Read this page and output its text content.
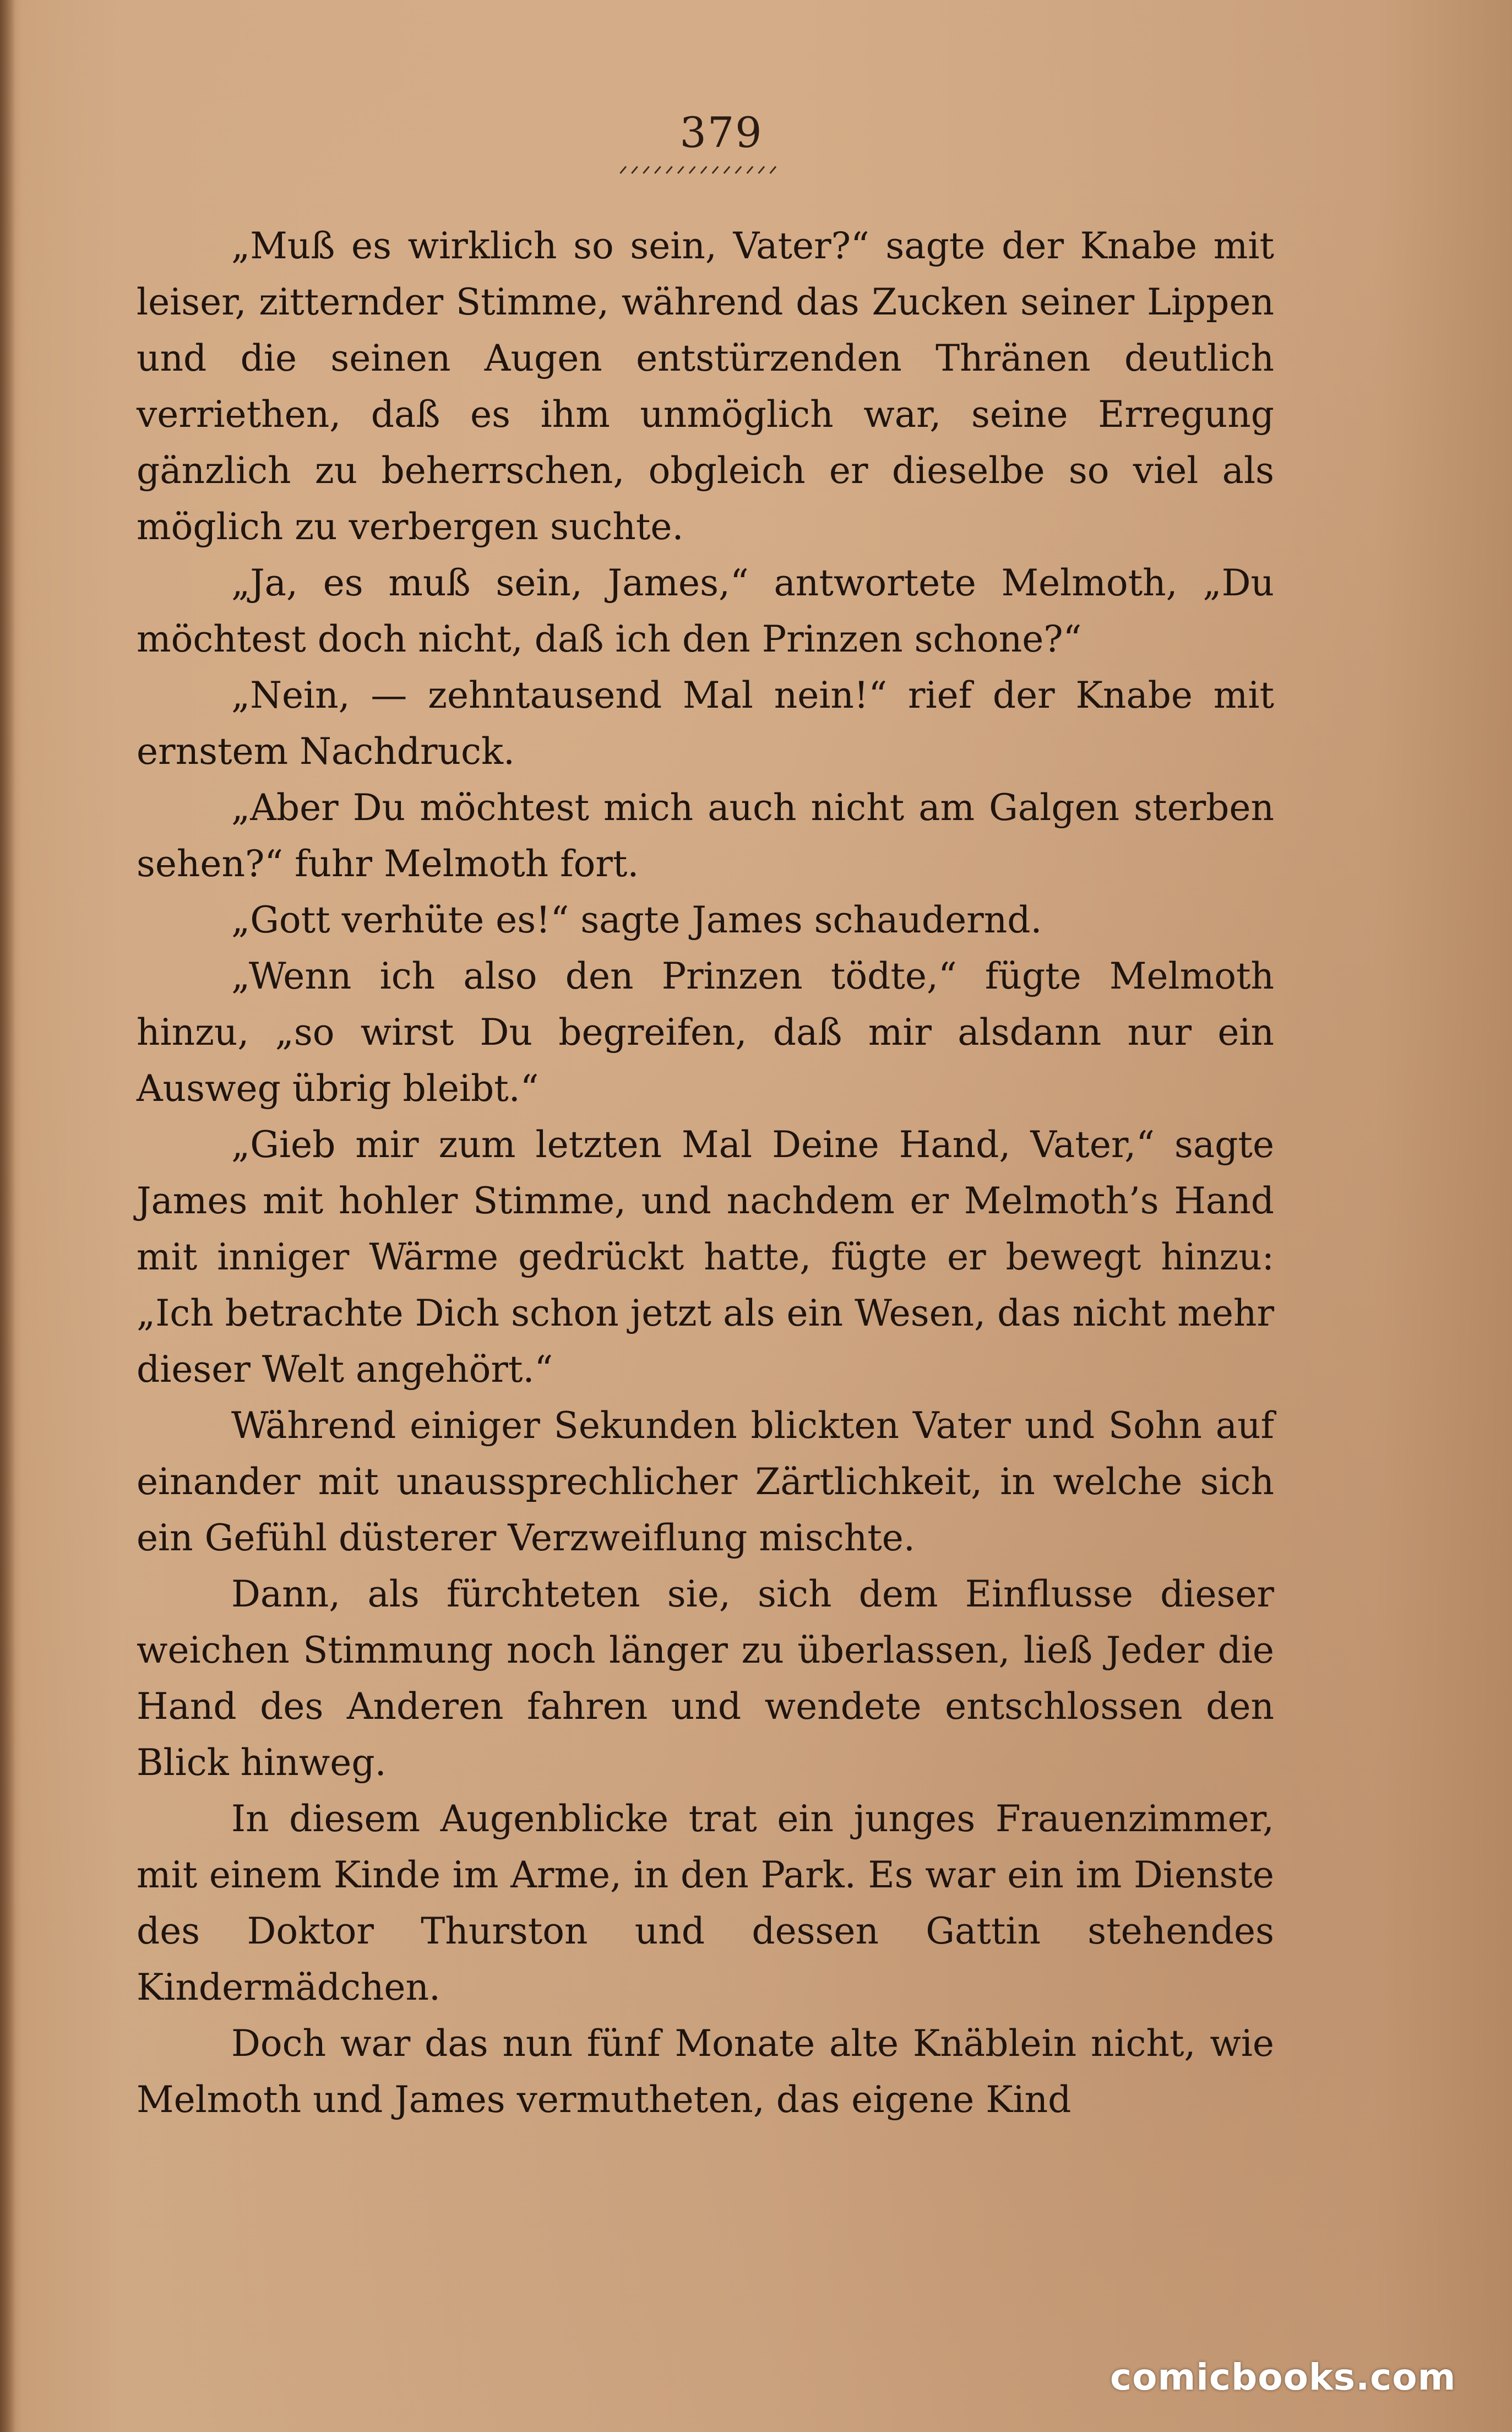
379
ᐟᐟᐟᐟᐟᐟᐟᐟᐟᐟᐟᐟᐟᐟ

„Muß es wirklich so sein, Vater?“ sagte der Knabe mit leiser, zitternder Stimme, während das Zucken seiner Lippen und die seinen Augen entstürzenden Thränen deutlich verriethen, daß es ihm unmöglich war, seine Erregung gänzlich zu beherrschen, obgleich er dieselbe so viel als möglich zu verbergen suchte.

„Ja, es muß sein, James,“ antwortete Melmoth, „Du möchtest doch nicht, daß ich den Prinzen schone?“

„Nein, — zehntausend Mal nein!“ rief der Knabe mit ernstem Nachdruck.

„Aber Du möchtest mich auch nicht am Galgen sterben sehen?“ fuhr Melmoth fort.

„Gott verhüte es!“ sagte James schaudernd.

„Wenn ich also den Prinzen tödte,“ fügte Melmoth hinzu, „so wirst Du begreifen, daß mir alsdann nur ein Ausweg übrig bleibt.“

„Gieb mir zum letzten Mal Deine Hand, Vater,“ sagte James mit hohler Stimme, und nachdem er Melmoth’s Hand mit inniger Wärme gedrückt hatte, fügte er bewegt hinzu: „Ich betrachte Dich schon jetzt als ein Wesen, das nicht mehr dieser Welt angehört.“

Während einiger Sekunden blickten Vater und Sohn auf einander mit unaussprechlicher Zärtlichkeit, in welche sich ein Gefühl düsterer Verzweiflung mischte.

Dann, als fürchteten sie, sich dem Einflusse dieser weichen Stimmung noch länger zu überlassen, ließ Jeder die Hand des Anderen fahren und wendete entschlossen den Blick hinweg.

In diesem Augenblicke trat ein junges Frauenzimmer, mit einem Kinde im Arme, in den Park. Es war ein im Dienste des Doktor Thurston und dessen Gattin stehendes Kindermädchen.

Doch war das nun fünf Monate alte Knäblein nicht, wie Melmoth und James vermutheten, das eigene Kind

comicbooks.com
